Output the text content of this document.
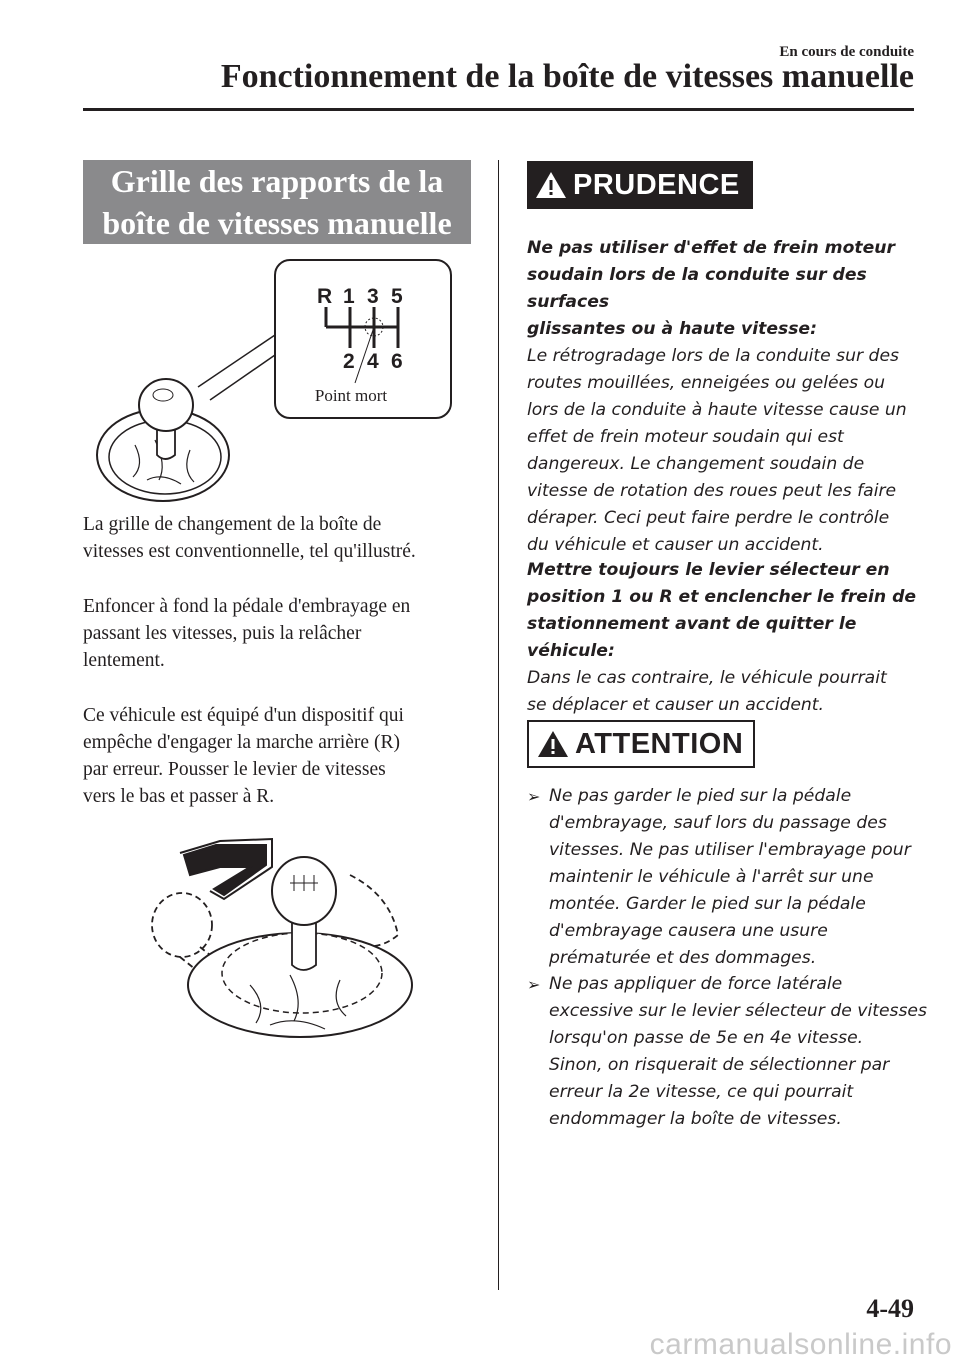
En cours de conduite

Fonctionnement de la boîte de vitesses manuelle
Grille des rapports de la
boîte de vitesses manuelle
R 1 3 5
2 4 6

Point mort

La grille de changement de la boîte de
vitesses est conventionnelle, tel qu'illustré.

Enfoncer à fond la pédale d'embrayage en
passant les vitesses, puis la relâcher
lentement.

Ce véhicule est équipé d'un dispositif qui
empêche d'engager la marche arrière (R)
par erreur. Pousser le levier de vitesses
vers le bas et passer à R.

PRUDENCE
Ne pas utiliser d'effet de frein moteur
soudain lors de la conduite sur des surfaces
glissantes ou à haute vitesse:
Le rétrogradage lors de la conduite sur des
routes mouillées, enneigées ou gelées ou
lors de la conduite à haute vitesse cause un
effet de frein moteur soudain qui est
dangereux. Le changement soudain de
vitesse de rotation des roues peut les faire
déraper. Ceci peut faire perdre le contrôle
du véhicule et causer un accident.
Mettre toujours le levier sélecteur en
position 1 ou R et enclencher le frein de
stationnement avant de quitter le véhicule:
Dans le cas contraire, le véhicule pourrait
se déplacer et causer un accident.
ATTENTION
➢ Ne pas garder le pied sur la pédale
d'embrayage, sauf lors du passage des
vitesses. Ne pas utiliser l'embrayage pour
maintenir le véhicule à l'arrêt sur une
montée. Garder le pied sur la pédale
d'embrayage causera une usure
prématurée et des dommages.
➢ Ne pas appliquer de force latérale
excessive sur le levier sélecteur de vitesses
lorsqu'on passe de 5e en 4e vitesse.
Sinon, on risquerait de sélectionner par
erreur la 2e vitesse, ce qui pourrait
endommager la boîte de vitesses.

4-49

carmanualsonline.info
